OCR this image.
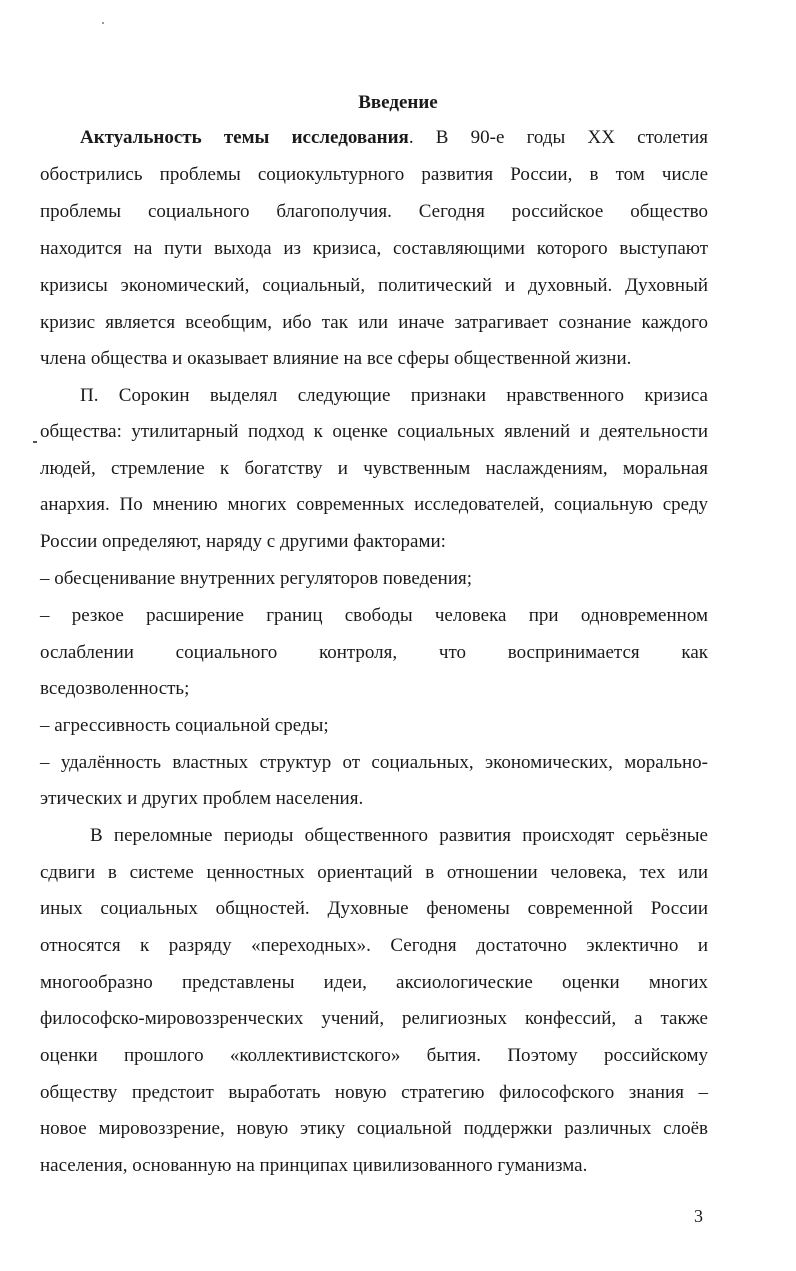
Введение
Актуальность темы исследования. В 90-е годы XX столетия
обострились проблемы социокультурного развития России, в том числе
проблемы социального благополучия. Сегодня российское общество
находится на пути выхода из кризиса, составляющими которого выступают
кризисы экономический, социальный, политический и духовный. Духовный
кризис является всеобщим, ибо так или иначе затрагивает сознание каждого
члена общества и оказывает влияние на все сферы общественной жизни.
П. Сорокин выделял следующие признаки нравственного кризиса
общества: утилитарный подход к оценке социальных явлений и деятельности
людей, стремление к богатству и чувственным наслаждениям, моральная
анархия. По мнению многих современных исследователей, социальную среду
России определяют, наряду с другими факторами:
– обесценивание внутренних регуляторов поведения;
– резкое расширение границ свободы человека при одновременном
ослаблении социального контроля, что воспринимается как
вседозволенность;
– агрессивность социальной среды;
– удалённость властных структур от социальных, экономических, морально-
этических и других проблем населения.
В переломные периоды общественного развития происходят серьёзные
сдвиги в системе ценностных ориентаций в отношении человека, тех или
иных социальных общностей. Духовные феномены современной России
относятся к разряду «переходных». Сегодня достаточно эклектично и
многообразно представлены идеи, аксиологические оценки многих
философско-мировоззренческих учений, религиозных конфессий, а также
оценки прошлого «коллективистского» бытия. Поэтому российскому
обществу предстоит выработать новую стратегию философского знания –
новое мировоззрение, новую этику социальной поддержки различных слоёв
населения, основанную на принципах цивилизованного гуманизма.
3
